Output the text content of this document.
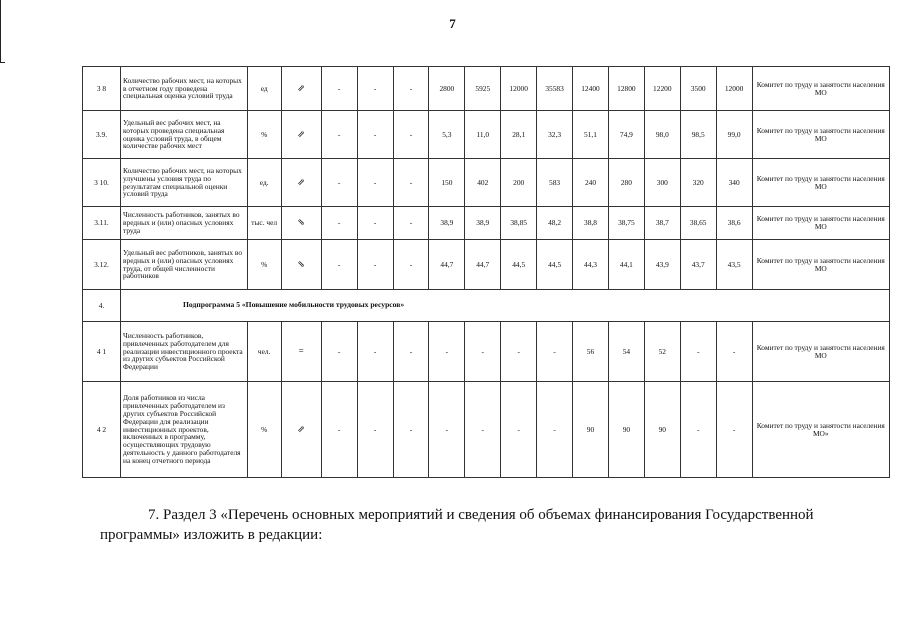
7
3 8	Количество рабочих мест, на которых в отчетном году проведена специальная оценка условий труда	ед	⇗	-	-	-	2800	5925	12000	35583	12400	12800	12200	3500	12000	Комитет по труду и занятости населения МО
3.9.	Удельный вес рабочих мест, на которых проведена специальная оценка условий труда, в общем количестве рабочих мест	%	⇗	-	-	-	5,3	11,0	28,1	32,3	51,1	74,9	98,0	98,5	99,0	Комитет по труду и занятости населения МО
3 10.	Количество рабочих мест, на которых улучшены условия труда по результатам специальной оценки условий труда	ед.	⇗	-	-	-	150	402	200	583	240	280	300	320	340	Комитет по труду и занятости населения МО
3.11.	Численность работников, занятых во вредных и (или) опасных условиях труда	тыс. чел	⇘	-	-	-	38,9	38,9	38,85	48,2	38,8	38,75	38,7	38,65	38,6	Комитет по труду и занятости населения МО
3.12.	Удельный вес работников, занятых во вредных и (или) опасных условиях труда, от общей численности работников	%	⇘	-	-	-	44,7	44,7	44,5	44,5	44,3	44,1	43,9	43,7	43,5	Комитет по труду и занятости населения МО
4.	Подпрограмма 5 «Повышение мобильности трудовых ресурсов»															
4 1	Численность работников, привлеченных работодателем для реализации инвестиционного проекта из других субъектов Российской Федерации	чел.	=	-	-	-	-	-	-	-	56	54	52	-	-	Комитет по труду и занятости населения МО
4 2	Доля работников из числа привлеченных работодателем из других субъектов Российской Федерации для реализации инвестиционных проектов, включенных в программу, осуществляющих трудовую деятельность у данного работодателя на конец отчетного периода	%	⇗	-	-	-	-	-	-	-	90	90	90	-	-	Комитет по труду и занятости населения МО»
7. Раздел 3 «Перечень основных мероприятий и сведения об объемах финансирования Государственной
программы» изложить в редакции:
